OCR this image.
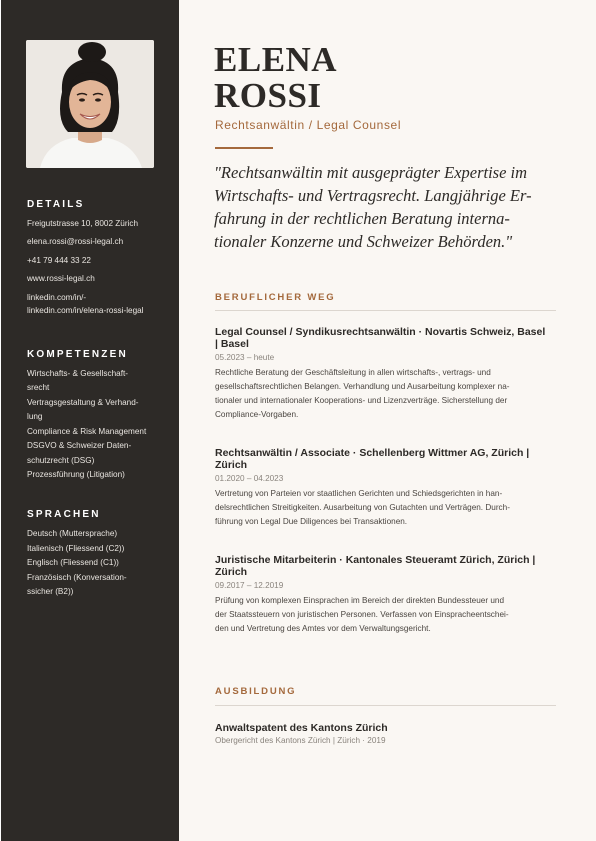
DETAILS
Freigutstrasse 10, 8002 Zürich
elena.rossi@rossi-legal.ch
+41 79 444 33 22
www.rossi-legal.ch
linkedin.com/in/-
linkedin.com/in/elena-rossi-legal
KOMPETENZEN
Wirtschafts- & Gesellschaft-
srecht
Vertragsgestaltung & Verhand-
lung
Compliance & Risk Management
DSGVO & Schweizer Daten-
schutzrecht (DSG)
Prozessführung (Litigation)
SPRACHEN
Deutsch (Muttersprache)
Italienisch (Fliessend (C2))
Englisch (Fliessend (C1))
Französisch (Konversation-
ssicher (B2))
ELENA
ROSSI
Rechtsanwältin / Legal Counsel
"Rechtsanwältin mit ausgeprägter Expertise im
Wirtschafts- und Vertragsrecht. Langjährige Er-
fahrung in der rechtlichen Beratung interna-
tionaler Konzerne und Schweizer Behörden."
BERUFLICHER WEG
Legal Counsel / Syndikusrechtsanwältin · Novartis Schweiz, Basel
| Basel
05.2023 – heute
Rechtliche Beratung der Geschäftsleitung in allen wirtschafts-, vertrags- und
gesellschaftsrechtlichen Belangen. Verhandlung und Ausarbeitung komplexer na-
tionaler und internationaler Kooperations- und Lizenzverträge. Sicherstellung der
Compliance-Vorgaben.
Rechtsanwältin / Associate · Schellenberg Wittmer AG, Zürich |
Zürich
01.2020 – 04.2023
Vertretung von Parteien vor staatlichen Gerichten und Schiedsgerichten in han-
delsrechtlichen Streitigkeiten. Ausarbeitung von Gutachten und Verträgen. Durch-
führung von Legal Due Diligences bei Transaktionen.
Juristische Mitarbeiterin · Kantonales Steueramt Zürich, Zürich |
Zürich
09.2017 – 12.2019
Prüfung von komplexen Einsprachen im Bereich der direkten Bundessteuer und
der Staatssteuern von juristischen Personen. Verfassen von Einspracheentschei-
den und Vertretung des Amtes vor dem Verwaltungsgericht.
AUSBILDUNG
Anwaltspatent des Kantons Zürich
Obergericht des Kantons Zürich | Zürich · 2019
